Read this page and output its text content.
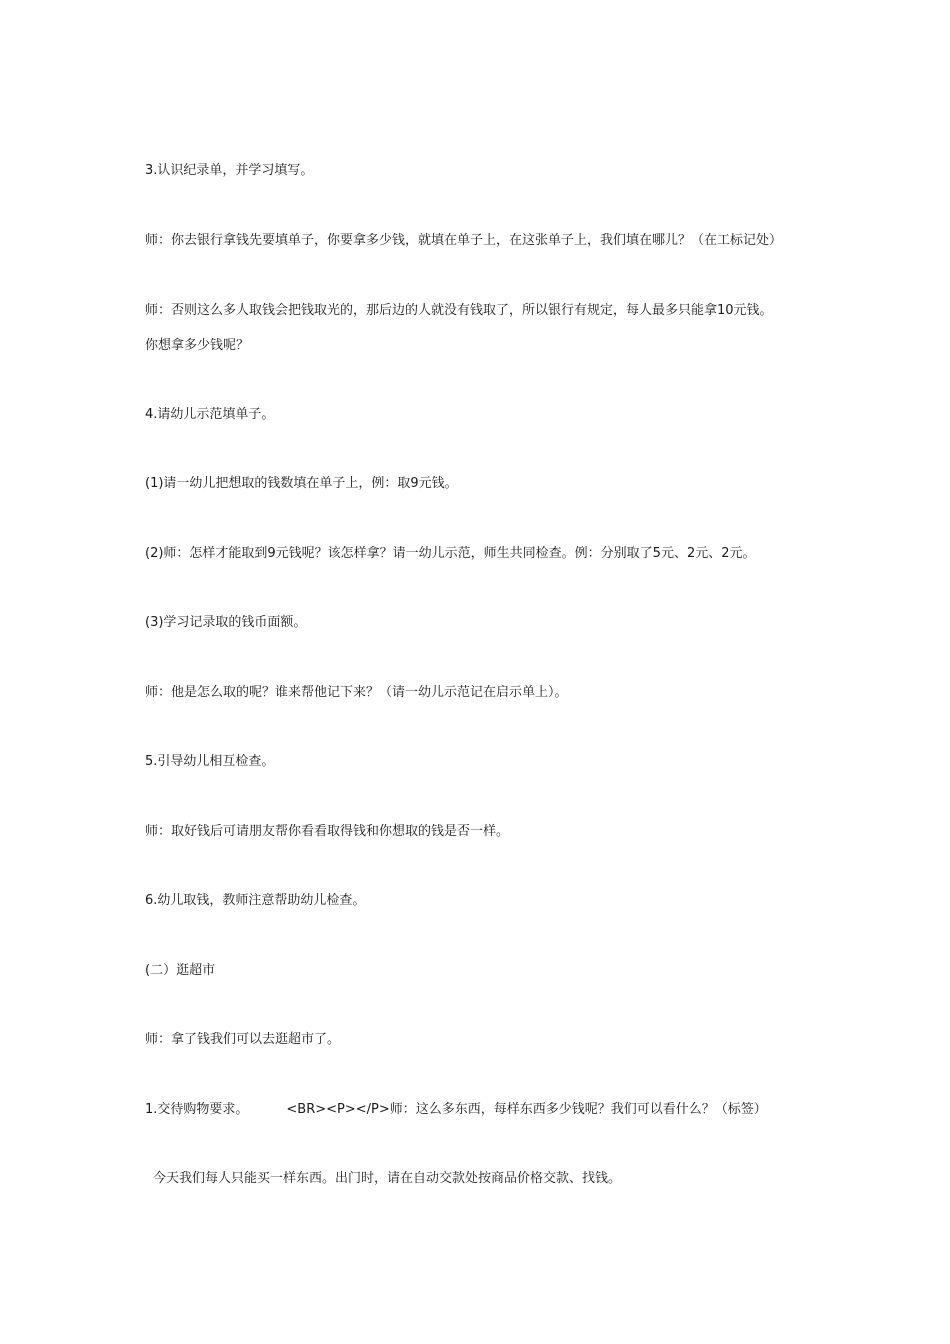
3.认识纪录单，并学习填写。
师：你去银行拿钱先要填单子，你要拿多少钱，就填在单子上，在这张单子上，我们填在哪儿？（在工标记处）
师：否则这么多人取钱会把钱取光的，那后边的人就没有钱取了，所以银行有规定，每人最多只能拿10元钱。
你想拿多少钱呢？
4.请幼儿示范填单子。
(1)请一幼儿把想取的钱数填在单子上，例：取9元钱。
(2)师：怎样才能取到9元钱呢？该怎样拿？请一幼儿示范，师生共同检查。例：分别取了5元、2元、2元。
(3)学习记录取的钱币面额。
师：他是怎么取的呢？谁来帮他记下来？（请一幼儿示范记在启示单上）。
5.引导幼儿相互检查。
师：取好钱后可请朋友帮你看看取得钱和你想取的钱是否一样。
6.幼儿取钱，教师注意帮助幼儿检查。
(二）逛超市
师：拿了钱我们可以去逛超市了。
1.交待购物要求。	<BR><P></P>师：这么多东西，每样东西多少钱呢？我们可以看什么？（标签）
今天我们每人只能买一样东西。出门时，请在自动交款处按商品价格交款、找钱。
